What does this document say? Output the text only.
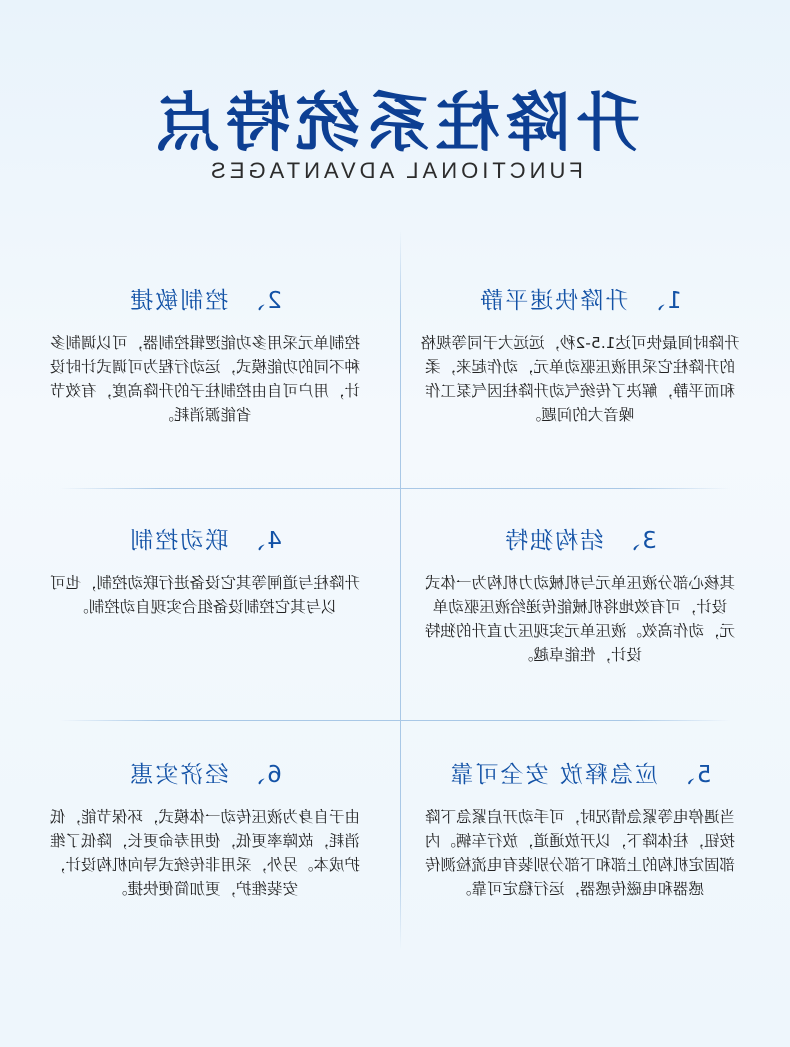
升降柱系统特点
FUNCTIONAL ADVANTAGES
1、升降快速平静
升降时间最快可达1.5-2秒，远远大于同等规格的升降柱它采用液压驱动单元，动作起来，柔和而平静，解决了传统气动升降柱因气泵工作噪音大的问题。
2、控制敏捷
控制单元采用多功能逻辑控制器，可以调制多种不同的功能模式，运动行程为可调式计时设计，用户可自由控制柱子的升降高度，有效节省能源消耗。
3、结构独特
其核心部分液压单元与机械动力机构为一体式设计，可有效地将机械能传递给液压驱动单元，动作高效。液压单元实现压力直升的独特设计，性能卓越。
4、联动控制
升降柱与道闸等其它设备进行联动控制，也可以与其它控制设备组合实现自动控制。
5、应急释放 安全可靠
当遇停电等紧急情况时，可手动开启紧急下降按钮，柱体降下，以开放通道，放行车辆。内部固定机构的上部和下部分别装有电流检测传感器和电磁传感器，运行稳定可靠。
6、经济实惠
由于自身为液压传动一体模式，环保节能，低消耗，故障率更低，使用寿命更长，降低了维护成本。另外，采用非传统式导向机构设计，安装维护，更加简便快捷。
